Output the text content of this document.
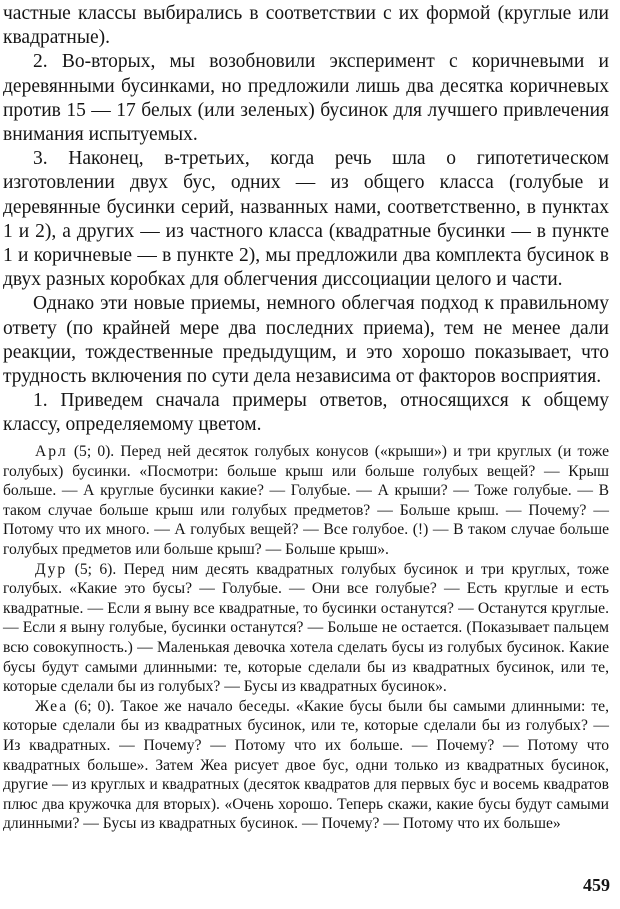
частные классы выбирались в соответствии с их формой (круглые или квадратные).

2. Во-вторых, мы возобновили эксперимент с коричневыми и деревянными бусинками, но предложили лишь два десятка коричневых против 15 — 17 белых (или зеленых) бусинок для лучшего привлечения внимания испытуемых.

3. Наконец, в-третьих, когда речь шла о гипотетическом изготовлении двух бус, одних — из общего класса (голубые и деревянные бусинки серий, названных нами, соответственно, в пунктах 1 и 2), а других — из частного класса (квадратные бусинки — в пункте 1 и коричневые — в пункте 2), мы предложили два комплекта бусинок в двух разных коробках для облегчения диссоциации целого и части.

Однако эти новые приемы, немного облегчая подход к правильному ответу (по крайней мере два последних приема), тем не менее дали реакции, тождественные предыдущим, и это хорошо показывает, что трудность включения по сути дела независима от факторов восприятия.

1. Приведем сначала примеры ответов, относящихся к общему классу, определяемому цветом.

Арл (5; 0). Перед ней десяток голубых конусов («крыши») и три круглых (и тоже голубых) бусинки. «Посмотри: больше крыш или больше голубых вещей? — Крыш больше. — А круглые бусинки какие? — Голубые. — А крыши? — Тоже голубые. — В таком случае больше крыш или голубых предметов? — Больше крыш. — Почему? — Потому что их много. — А голубых вещей? — Все голубое. (!) — В таком случае больше голубых предметов или больше крыш? — Больше крыш».

Дур (5; 6). Перед ним десять квадратных голубых бусинок и три круглых, тоже голубых. «Какие это бусы? — Голубые. — Они все голубые? — Есть круглые и есть квадратные. — Если я выну все квадратные, то бусинки останутся? — Останутся круглые. — Если я выну голубые, бусинки останутся? — Больше не остается. (Показывает пальцем всю совокупность.) — Маленькая девочка хотела сделать бусы из голубых бусинок. Какие бусы будут самыми длинными: те, которые сделали бы из квадратных бусинок, или те, которые сделали бы из голубых? — Бусы из квадратных бусинок».

Жеа (6; 0). Такое же начало беседы. «Какие бусы были бы самыми длинными: те, которые сделали бы из квадратных бусинок, или те, которые сделали бы из голубых? — Из квадратных. — Почему? — Потому что их больше. — Почему? — Потому что квадратных больше». Затем Жеа рисует двое бус, одни только из квадратных бусинок, другие — из круглых и квадратных (десяток квадратов для первых бус и восемь квадратов плюс два кружочка для вторых). «Очень хорошо. Теперь скажи, какие бусы будут самыми длинными? — Бусы из квадратных бусинок. — Почему? — Потому что их больше»

459
